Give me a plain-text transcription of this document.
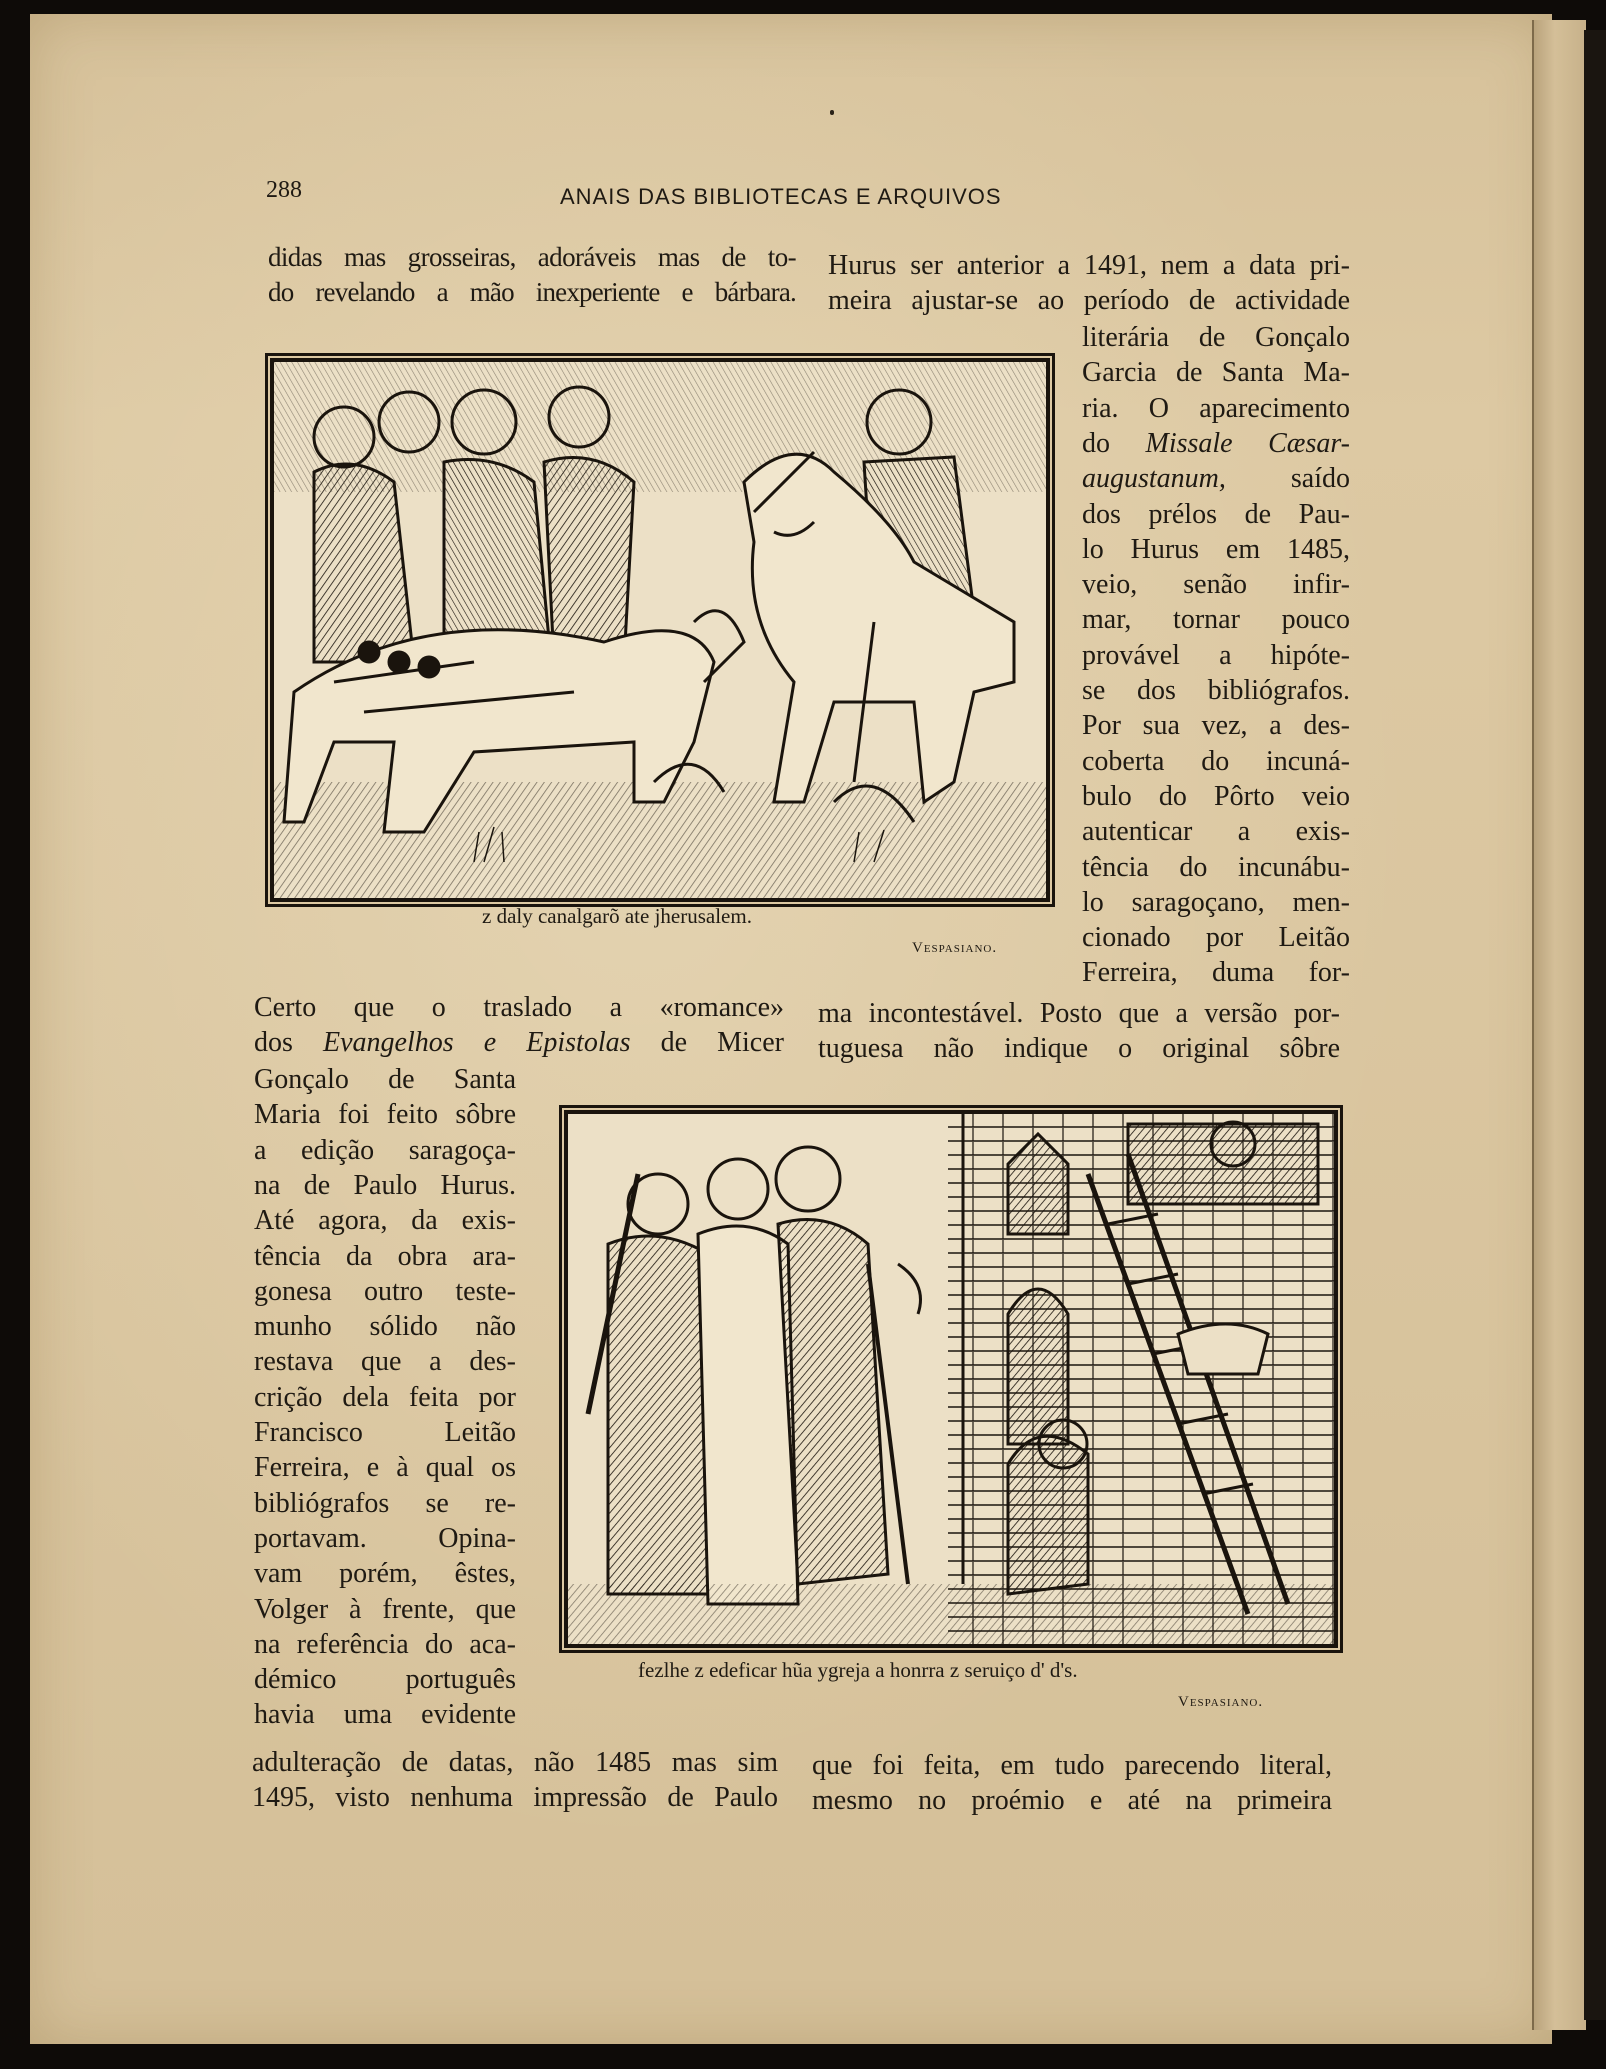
288	ANAIS DAS BIBLIOTECAS E ARQUIVOS
didas mas grosseiras, adoráveis mas de to-
do revelando a mão inexperiente e bárbara.
Hurus ser anterior a 1491, nem a data pri-
meira ajustar-se ao período de actividade
literária de Gonçalo
Garcia de Santa Ma-
ria. O aparecimento
do Missale Cæsar-
augustanum, saído
dos prélos de Pau-
lo Hurus em 1485,
veio, senão infir-
mar, tornar pouco
provável a hipóte-
se dos bibliógrafos.
Por sua vez, a des-
coberta do incuná-
bulo do Pôrto veio
autenticar a exis-
tência do incunábu-
lo saragoçano, men-
cionado por Leitão
Ferreira, duma for-
z daly canalgarõ ate jherusalem.
Vespasiano.
Certo que o traslado a «romance»
dos Evangelhos e Epistolas de Micer
ma incontestável. Posto que a versão por-
tuguesa não indique o original sôbre
Gonçalo de Santa
Maria foi feito sôbre
a edição saragoça-
na de Paulo Hurus.
Até agora, da exis-
tência da obra ara-
gonesa outro teste-
munho sólido não
restava que a des-
crição dela feita por
Francisco Leitão
Ferreira, e à qual os
bibliógrafos se re-
portavam. Opina-
vam porém, êstes,
Volger à frente, que
na referência do aca-
démico português
havia uma evidente
fezlhe z edeficar hũa ygreja a honrra z seruiço d' d's.
Vespasiano.
adulteração de datas, não 1485 mas sim
1495, visto nenhuma impressão de Paulo
que foi feita, em tudo parecendo literal,
mesmo no proémio e até na primeira
